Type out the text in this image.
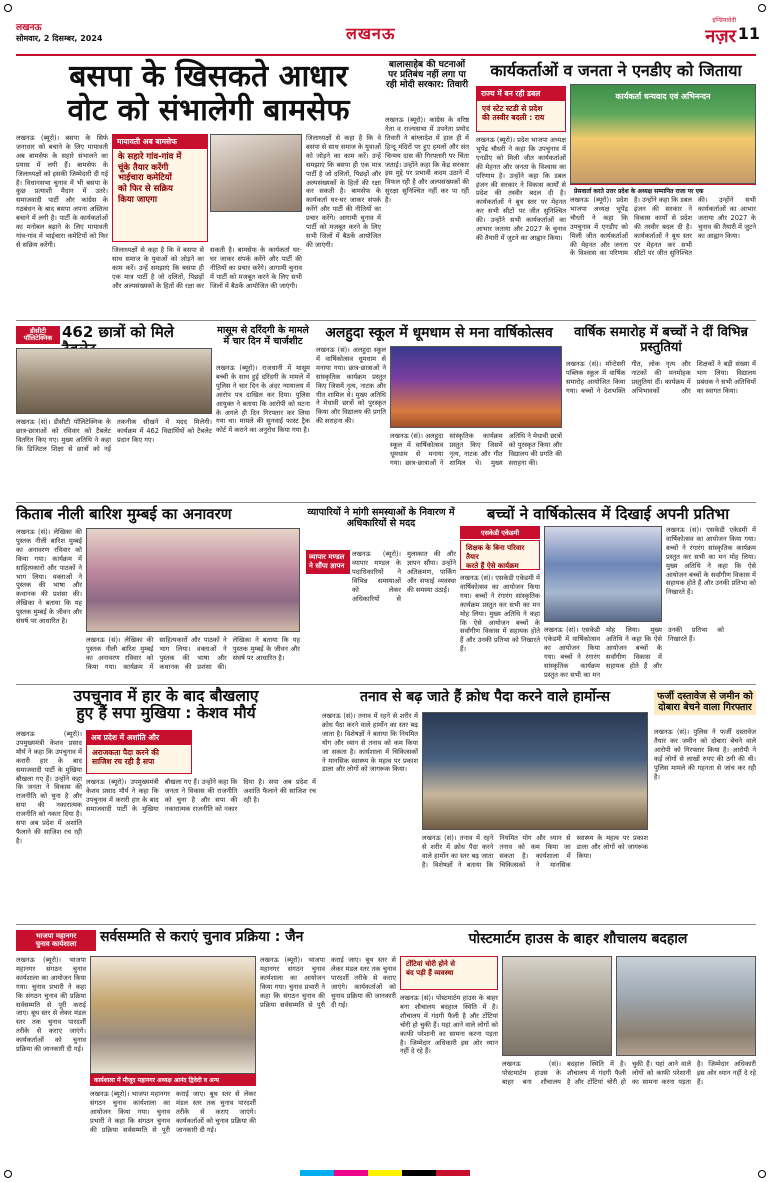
लखनऊ
सोमवार, 2 दिसम्बर, 2024	लखनऊ
इण्डियावेदी
नज़र 11
बसपा के खिसकते आधार
वोट को संभालेगी बामसेफ
लखनऊ (ब्यूरो)। बसपा के सिर्फ जनाधार को बचाने के लिए मायावती अब बामसेफ के सहारे संभालने का प्रयास में लगी हैं। बामसेफ के जिलाध्यक्षों को इसकी जिम्मेदारी दी गई है। विधानसभा चुनाव में भी बसपा के कुछ प्रत्याशी मैदान में उतरे। समाजवादी पार्टी और कांग्रेस के गठबंधन के बाद बसपा अपना अस्तित्व बचाने में लगी है। पार्टी के कार्यकर्ताओं का मनोबल बढ़ाने के लिए मायावती गांव-गांव में भाईचारा कमेटियों को फिर से सक्रिय करेंगी।
मायावती अब बामसेफ
के सहारे गांव-गांव में
चूंके तैयार करेंगी
भाईचारा कमेटियों
को फिर से सक्रिय
किया जाएगा
जिलाध्यक्षों से कहा है कि वे बसपा से साथ समाज के युवाओं को जोड़ने का काम करें। उन्हें समझाएं कि बसपा ही एक मात्र पार्टी है जो दलितों, पिछड़ों और अल्पसंख्यकों के हितों की रक्षा कर सकती है। बामसेफ के कार्यकर्ता घर-घर जाकर संपर्क करेंगे और पार्टी की नीतियों का प्रचार करेंगे। आगामी चुनाव में पार्टी को मजबूत करने के लिए सभी जिलों में बैठकें आयोजित की जाएंगी।
जिलाध्यक्षों से कहा है कि वे बसपा से साथ समाज के युवाओं को जोड़ने का काम करें। उन्हें समझाएं कि बसपा ही एक मात्र पार्टी है जो दलितों, पिछड़ों और अल्पसंख्यकों के हितों की रक्षा कर सकती है। बामसेफ के कार्यकर्ता घर-घर जाकर संपर्क करेंगे और पार्टी की नीतियों का प्रचार करेंगे। आगामी चुनाव में पार्टी को मजबूत करने के लिए सभी जिलों में बैठकें आयोजित की जाएंगी।
बालासाहेब की घटनाओं पर प्रतिबंध नहीं लगा पा रही मोदी सरकार: तिवारी
लखनऊ (ब्यूरो)। कांग्रेस के वरिष्ठ नेता व राज्यसभा में उपनेता प्रमोद तिवारी ने बांग्लादेश में हाल ही में हिन्दू मंदिरों पर हुए हमलों और संत चिन्मय दास की गिरफ्तारी पर चिंता जताई। उन्होंने कहा कि केंद्र सरकार इस मुद्दे पर प्रभावी कदम उठाने में विफल रही है और अल्पसंख्यकों की सुरक्षा सुनिश्चित नहीं कर पा रही है।
कार्यकर्ताओं व जनता ने एनडीए को जिताया
कार्यकर्ता धन्यवाद एवं अभिनन्दन
प्रेसवार्ता करते उत्तर प्रदेश के अध्यक्ष सम्मानित राजा पर एक
राज्य में बन रही डबल
एवं स्टेट स्टडी से प्रदेश
की तस्वीर बदली : राय
लखनऊ (ब्यूरो)। प्रदेश भाजपा अध्यक्ष भूपेंद्र चौधरी ने कहा कि उपचुनाव में एनडीए को मिली जीत कार्यकर्ताओं की मेहनत और जनता के विश्वास का परिणाम है। उन्होंने कहा कि डबल इंजन की सरकार ने विकास कार्यों से प्रदेश की तस्वीर बदल दी है। कार्यकर्ताओं ने बूथ स्तर पर मेहनत कर सभी सीटों पर जीत सुनिश्चित की। उन्होंने सभी कार्यकर्ताओं का आभार जताया और 2027 के चुनाव की तैयारी में जुटने का आह्वान किया।
लखनऊ (ब्यूरो)। प्रदेश भाजपा अध्यक्ष भूपेंद्र चौधरी ने कहा कि उपचुनाव में एनडीए को मिली जीत कार्यकर्ताओं की मेहनत और जनता के विश्वास का परिणाम है। उन्होंने कहा कि डबल इंजन की सरकार ने विकास कार्यों से प्रदेश की तस्वीर बदल दी है। कार्यकर्ताओं ने बूथ स्तर पर मेहनत कर सभी सीटों पर जीत सुनिश्चित की। उन्होंने सभी कार्यकर्ताओं का आभार जताया और 2027 के चुनाव की तैयारी में जुटने का आह्वान किया।
डीसीटी पॉलिटेक्निक 462 छात्रों को मिले
लखनऊ (सं)। डीसीटी पॉलिटेक्निक के छात्र-छात्राओं को रविवार को टैबलेट वितरित किए गए। मुख्य अतिथि ने कहा कि डिजिटल शिक्षा से छात्रों को नई तकनीक सीखने में मदद मिलेगी। कार्यक्रम में 462 विद्यार्थियों को टैबलेट प्रदान किए गए।
मासूम से दरिंदगी के मामले में चार दिन में चार्जशीट
लखनऊ (ब्यूरो)। राजधानी में मासूम बच्ची के साथ हुई दरिंदगी के मामले में पुलिस ने चार दिन के अंदर न्यायालय में आरोप पत्र दाखिल कर दिया। पुलिस आयुक्त ने बताया कि आरोपी को घटना के अगले ही दिन गिरफ्तार कर लिया गया था। मामले की सुनवाई फास्ट ट्रैक कोर्ट में कराने का अनुरोध किया गया है।
अलहुदा स्कूल में धूमधाम से मना वार्षिकोत्सव
लखनऊ (सं)। अलहुदा स्कूल में वार्षिकोत्सव धूमधाम से मनाया गया। छात्र-छात्राओं ने सांस्कृतिक कार्यक्रम प्रस्तुत किए जिसमें नृत्य, नाटक और गीत शामिल थे। मुख्य अतिथि ने मेधावी छात्रों को पुरस्कृत किया और विद्यालय की प्रगति की सराहना की।
लखनऊ (सं)। अलहुदा स्कूल में वार्षिकोत्सव धूमधाम से मनाया गया। छात्र-छात्राओं ने सांस्कृतिक कार्यक्रम प्रस्तुत किए जिसमें नृत्य, नाटक और गीत शामिल थे। मुख्य अतिथि ने मेधावी छात्रों को पुरस्कृत किया और विद्यालय की प्रगति की सराहना की।
वार्षिक समारोह में बच्चों ने दीं विभिन्न प्रस्तुतियां
लखनऊ (सं)। मॉन्टेसरी पब्लिक स्कूल में वार्षिक समारोह आयोजित किया गया। बच्चों ने देशभक्ति गीत, लोक नृत्य और नाटकों की मनमोहक प्रस्तुतियां दीं। कार्यक्रम में अभिभावकों और शिक्षकों ने बड़ी संख्या में भाग लिया। विद्यालय प्रबंधक ने सभी अतिथियों का स्वागत किया।
किताब नीली बारिश मुम्बई का अनावरण
लखनऊ (सं)। लेखिका की पुस्तक नीली बारिश मुम्बई का अनावरण रविवार को किया गया। कार्यक्रम में साहित्यकारों और पाठकों ने भाग लिया। वक्ताओं ने पुस्तक की भाषा और कथानक की प्रशंसा की। लेखिका ने बताया कि यह पुस्तक मुम्बई के जीवन और संघर्ष पर आधारित है।
लखनऊ (सं)। लेखिका की पुस्तक नीली बारिश मुम्बई का अनावरण रविवार को किया गया। कार्यक्रम में साहित्यकारों और पाठकों ने भाग लिया। वक्ताओं ने पुस्तक की भाषा और कथानक की प्रशंसा की। लेखिका ने बताया कि यह पुस्तक मुम्बई के जीवन और संघर्ष पर आधारित है।
व्यापारियों ने मांगी समस्याओं के निवारण में अधिकारियों से मदद
व्यापार मण्डल ने सौंपा ज्ञापन
लखनऊ (ब्यूरो)। व्यापार मण्डल के पदाधिकारियों ने विभिन्न समस्याओं को लेकर अधिकारियों से मुलाकात की और ज्ञापन सौंपा। उन्होंने अतिक्रमण, पार्किंग और सफाई व्यवस्था की समस्या उठाई।
बच्चों ने वार्षिकोत्सव में दिखाई अपनी प्रतिभा
एसकेडी एकेडमी
शिक्षक के बिना परिवार तैयार
करते हैं ऐसे कार्यक्रम
लखनऊ (सं)। एसकेडी एकेडमी में वार्षिकोत्सव का आयोजन किया गया। बच्चों ने रंगारंग सांस्कृतिक कार्यक्रम प्रस्तुत कर सभी का मन मोह लिया। मुख्य अतिथि ने कहा कि ऐसे आयोजन बच्चों के सर्वांगीण विकास में सहायक होते हैं और उनकी प्रतिभा को निखारते हैं।
लखनऊ (सं)। एसकेडी एकेडमी में वार्षिकोत्सव का आयोजन किया गया। बच्चों ने रंगारंग सांस्कृतिक कार्यक्रम प्रस्तुत कर सभी का मन मोह लिया। मुख्य अतिथि ने कहा कि ऐसे आयोजन बच्चों के सर्वांगीण विकास में सहायक होते हैं और उनकी प्रतिभा को निखारते हैं।
लखनऊ (सं)। एसकेडी एकेडमी में वार्षिकोत्सव का आयोजन किया गया। बच्चों ने रंगारंग सांस्कृतिक कार्यक्रम प्रस्तुत कर सभी का मन मोह लिया। मुख्य अतिथि ने कहा कि ऐसे आयोजन बच्चों के सर्वांगीण विकास में सहायक होते हैं और उनकी प्रतिभा को निखारते हैं।
उपचुनाव में हार के बाद बौखलाए
हुए हैं सपा मुखिया : केशव मौर्य
लखनऊ (ब्यूरो)। उपमुख्यमंत्री केशव प्रसाद मौर्य ने कहा कि उपचुनाव में करारी हार के बाद समाजवादी पार्टी के मुखिया बौखला गए हैं। उन्होंने कहा कि जनता ने विकास की राजनीति को चुना है और सपा की नकारात्मक राजनीति को नकार दिया है। सपा अब प्रदेश में अशांति फैलाने की साजिश रच रही है।
अब प्रदेश में अशांति और
अराजकता पैदा करने की
साजिश रच रही है सपा
लखनऊ (ब्यूरो)। उपमुख्यमंत्री केशव प्रसाद मौर्य ने कहा कि उपचुनाव में करारी हार के बाद समाजवादी पार्टी के मुखिया बौखला गए हैं। उन्होंने कहा कि जनता ने विकास की राजनीति को चुना है और सपा की नकारात्मक राजनीति को नकार दिया है। सपा अब प्रदेश में अशांति फैलाने की साजिश रच रही है।
तनाव से बढ़ जाते हैं क्रोध पैदा करने वाले हार्मोन्स
लखनऊ (सं)। तनाव में रहने से शरीर में क्रोध पैदा करने वाले हार्मोन का स्तर बढ़ जाता है। विशेषज्ञों ने बताया कि नियमित योग और ध्यान से तनाव को कम किया जा सकता है। कार्यशाला में चिकित्सकों ने मानसिक स्वास्थ्य के महत्व पर प्रकाश डाला और लोगों को जागरूक किया।
लखनऊ (सं)। तनाव में रहने से शरीर में क्रोध पैदा करने वाले हार्मोन का स्तर बढ़ जाता है। विशेषज्ञों ने बताया कि नियमित योग और ध्यान से तनाव को कम किया जा सकता है। कार्यशाला में चिकित्सकों ने मानसिक स्वास्थ्य के महत्व पर प्रकाश डाला और लोगों को जागरूक किया।
फर्जी दस्तावेज से जमीन को दोबारा बेचने वाला गिरफ्तार
लखनऊ (सं)। पुलिस ने फर्जी दस्तावेज तैयार कर जमीन को दोबारा बेचने वाले आरोपी को गिरफ्तार किया है। आरोपी ने कई लोगों से लाखों रुपए की ठगी की थी। पुलिस मामले की गहनता से जांच कर रही है।
भाजपा महानगर
चुनाव कार्यशाला	सर्वसम्मति से कराएं चुनाव प्रक्रिया : जैन
लखनऊ (ब्यूरो)। भाजपा महानगर संगठन चुनाव कार्यशाला का आयोजन किया गया। चुनाव प्रभारी ने कहा कि संगठन चुनाव की प्रक्रिया सर्वसम्मति से पूरी कराई जाए। बूथ स्तर से लेकर मंडल स्तर तक चुनाव पारदर्शी तरीके से कराए जाएंगे। कार्यकर्ताओं को चुनाव प्रक्रिया की जानकारी दी गई।
कार्यशाला में मौजूद महानगर अध्यक्ष आनंद द्विवेदी व अन्य
लखनऊ (ब्यूरो)। भाजपा महानगर संगठन चुनाव कार्यशाला का आयोजन किया गया। चुनाव प्रभारी ने कहा कि संगठन चुनाव की प्रक्रिया सर्वसम्मति से पूरी कराई जाए। बूथ स्तर से लेकर मंडल स्तर तक चुनाव पारदर्शी तरीके से कराए जाएंगे। कार्यकर्ताओं को चुनाव प्रक्रिया की जानकारी दी गई।
लखनऊ (ब्यूरो)। भाजपा महानगर संगठन चुनाव कार्यशाला का आयोजन किया गया। चुनाव प्रभारी ने कहा कि संगठन चुनाव की प्रक्रिया सर्वसम्मति से पूरी कराई जाए। बूथ स्तर से लेकर मंडल स्तर तक चुनाव पारदर्शी तरीके से कराए जाएंगे। कार्यकर्ताओं को चुनाव प्रक्रिया की जानकारी दी गई।
पोस्टमार्टम हाउस के बाहर शौचालय बदहाल
टोंटियां चोरी होने से
बंद पड़ी हैं व्यवस्था
लखनऊ (सं)। पोस्टमार्टम हाउस के बाहर बना शौचालय बदहाल स्थिति में है। शौचालय में गंदगी फैली है और टोंटियां चोरी हो चुकी हैं। यहां आने वाले लोगों को काफी परेशानी का सामना करना पड़ता है। जिम्मेदार अधिकारी इस ओर ध्यान नहीं दे रहे हैं।
लखनऊ (सं)। पोस्टमार्टम हाउस के बाहर बना शौचालय बदहाल स्थिति में है। शौचालय में गंदगी फैली है और टोंटियां चोरी हो चुकी हैं। यहां आने वाले लोगों को काफी परेशानी का सामना करना पड़ता है। जिम्मेदार अधिकारी इस ओर ध्यान नहीं दे रहे हैं।
